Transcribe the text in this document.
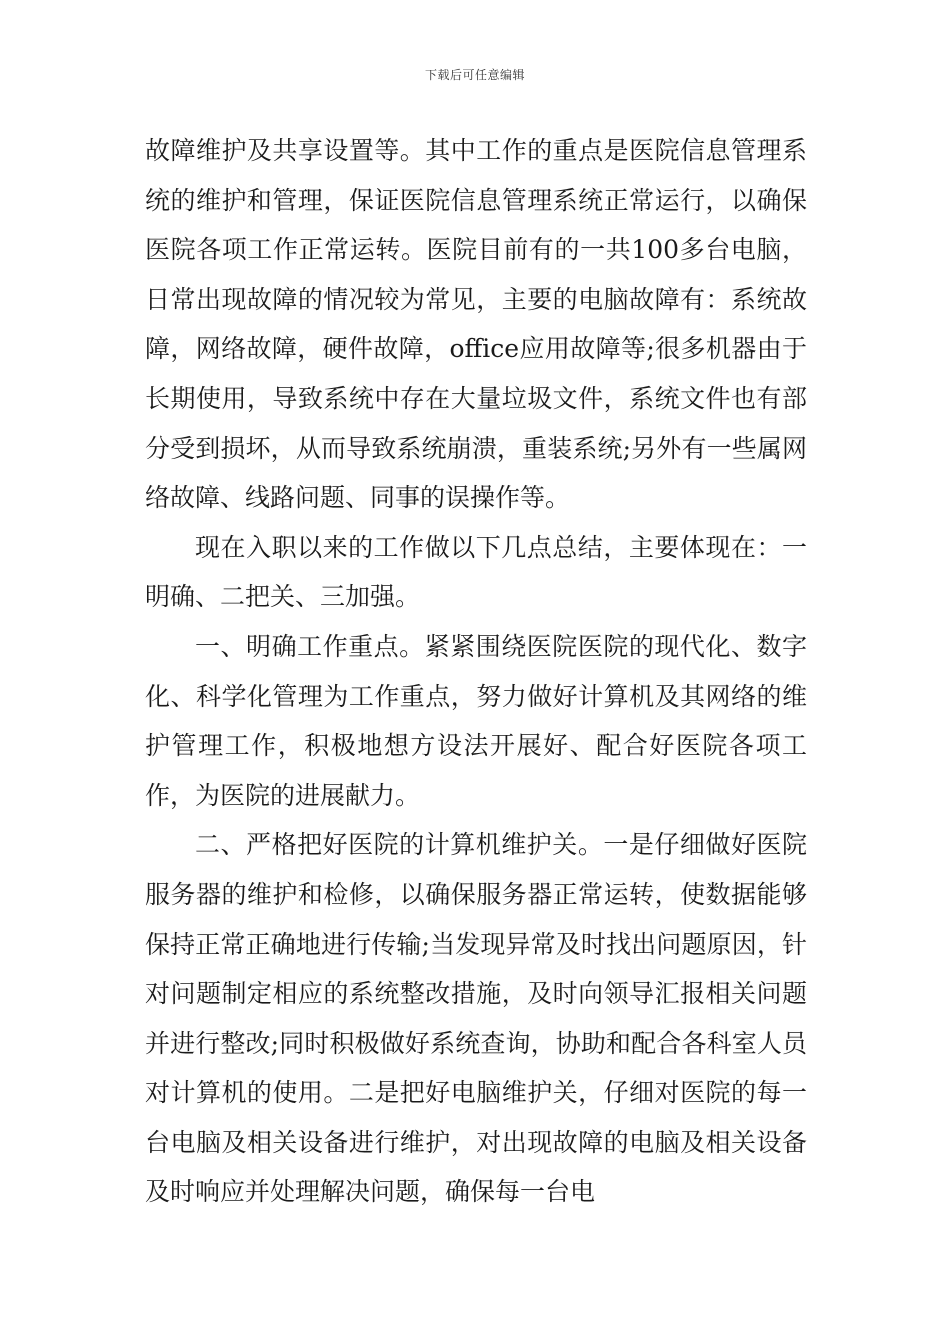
下载后可任意编辑

故障维护及共享设置等。其中工作的重点是医院信息管理系统的维护和管理，保证医院信息管理系统正常运行，以确保医院各项工作正常运转。医院目前有的一共100多台电脑，日常出现故障的情况较为常见，主要的电脑故障有：系统故障，网络故障，硬件故障，office应用故障等;很多机器由于长期使用，导致系统中存在大量垃圾文件，系统文件也有部分受到损坏，从而导致系统崩溃，重装系统;另外有一些属网络故障、线路问题、同事的误操作等。

现在入职以来的工作做以下几点总结，主要体现在：一明确、二把关、三加强。

一、明确工作重点。紧紧围绕医院医院的现代化、数字化、科学化管理为工作重点，努力做好计算机及其网络的维护管理工作，积极地想方设法开展好、配合好医院各项工作，为医院的进展献力。

二、严格把好医院的计算机维护关。一是仔细做好医院服务器的维护和检修，以确保服务器正常运转，使数据能够保持正常正确地进行传输;当发现异常及时找出问题原因，针对问题制定相应的系统整改措施，及时向领导汇报相关问题并进行整改;同时积极做好系统查询，协助和配合各科室人员对计算机的使用。二是把好电脑维护关，仔细对医院的每一台电脑及相关设备进行维护，对出现故障的电脑及相关设备及时响应并处理解决问题，确保每一台电
